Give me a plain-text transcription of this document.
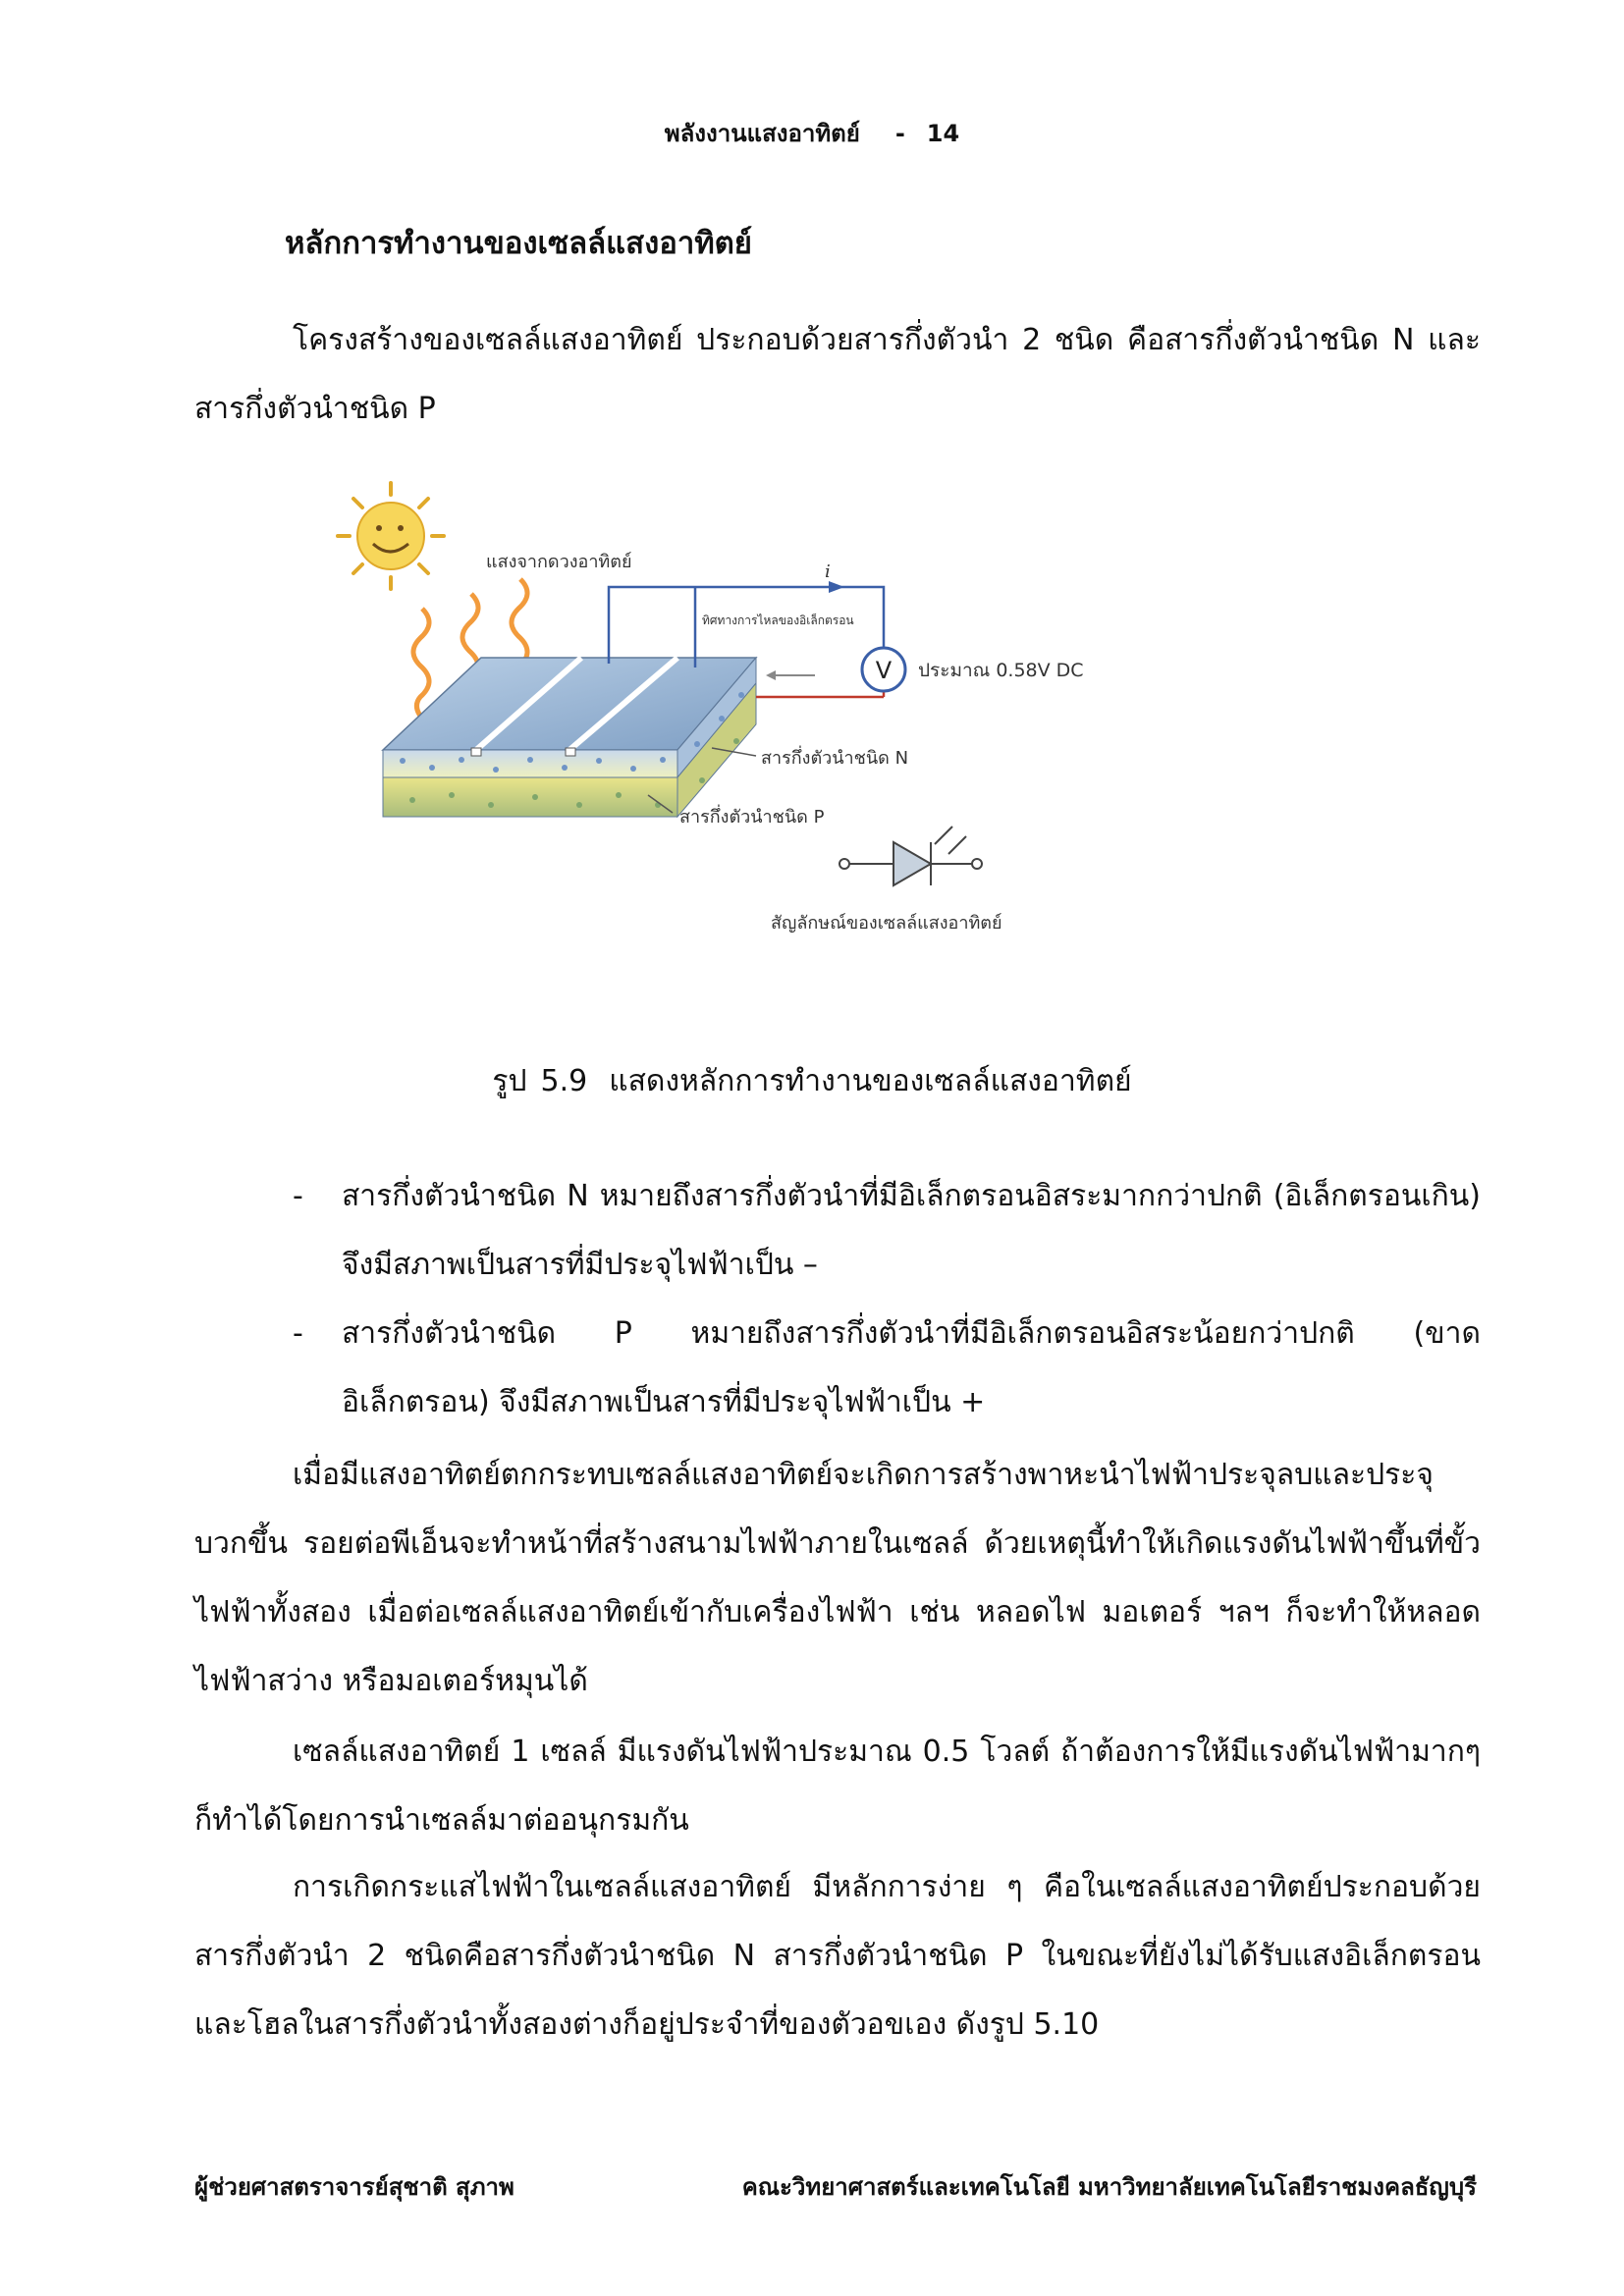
พลังงานแสงอาทิตย์ - 14
หลักการทำงานของเซลล์แสงอาทิตย์

โครงสร้างของเซลล์แสงอาทิตย์ ประกอบด้วยสารกึ่งตัวนำ 2 ชนิด คือสารกึ่งตัวนำชนิด N และสารกึ่งตัวนำชนิด P

แสงจากดวงอาทิตย์	i
ทิศทางการไหลของอิเล็กตรอน
V ประมาณ 0.58V DC
สารกึ่งตัวนำชนิด N
สารกึ่งตัวนำชนิด P
สัญลักษณ์ของเซลล์แสงอาทิตย์
รูป 5.9 แสดงหลักการทำงานของเซลล์แสงอาทิตย์
- สารกึ่งตัวนำชนิด N หมายถึงสารกึ่งตัวนำที่มีอิเล็กตรอนอิสระมากกว่าปกติ (อิเล็กตรอนเกิน) จึงมีสภาพเป็นสารที่มีประจุไฟฟ้าเป็น –
- สารกึ่งตัวนำชนิด P หมายถึงสารกึ่งตัวนำที่มีอิเล็กตรอนอิสระน้อยกว่าปกติ (ขาดอิเล็กตรอน) จึงมีสภาพเป็นสารที่มีประจุไฟฟ้าเป็น +

เมื่อมีแสงอาทิตย์ตกกระทบเซลล์แสงอาทิตย์จะเกิดการสร้างพาหะนำไฟฟ้าประจุลบและประจุบวกขึ้น รอยต่อพีเอ็นจะทำหน้าที่สร้างสนามไฟฟ้าภายในเซลล์ ด้วยเหตุนี้ทำให้เกิดแรงดันไฟฟ้าขึ้นที่ขั้วไฟฟ้าทั้งสอง เมื่อต่อเซลล์แสงอาทิตย์เข้ากับเครื่องไฟฟ้า เช่น หลอดไฟ มอเตอร์ ฯลฯ ก็จะทำให้หลอดไฟฟ้าสว่าง หรือมอเตอร์หมุนได้

เซลล์แสงอาทิตย์ 1 เซลล์ มีแรงดันไฟฟ้าประมาณ 0.5 โวลต์ ถ้าต้องการให้มีแรงดันไฟฟ้ามากๆก็ทำได้โดยการนำเซลล์มาต่ออนุกรมกัน

การเกิดกระแสไฟฟ้าในเซลล์แสงอาทิตย์ มีหลักการง่าย ๆ คือในเซลล์แสงอาทิตย์ประกอบด้วยสารกึ่งตัวนำ 2 ชนิดคือสารกึ่งตัวนำชนิด N สารกึ่งตัวนำชนิด P ในขณะที่ยังไม่ได้รับแสงอิเล็กตรอนและโฮลในสารกึ่งตัวนำทั้งสองต่างก็อยู่ประจำที่ของตัวอขเอง ดังรูป 5.10

ผู้ช่วยศาสตราจารย์สุชาติ สุภาพ	คณะวิทยาศาสตร์และเทคโนโลยี มหาวิทยาลัยเทคโนโลยีราชมงคลธัญบุรี
